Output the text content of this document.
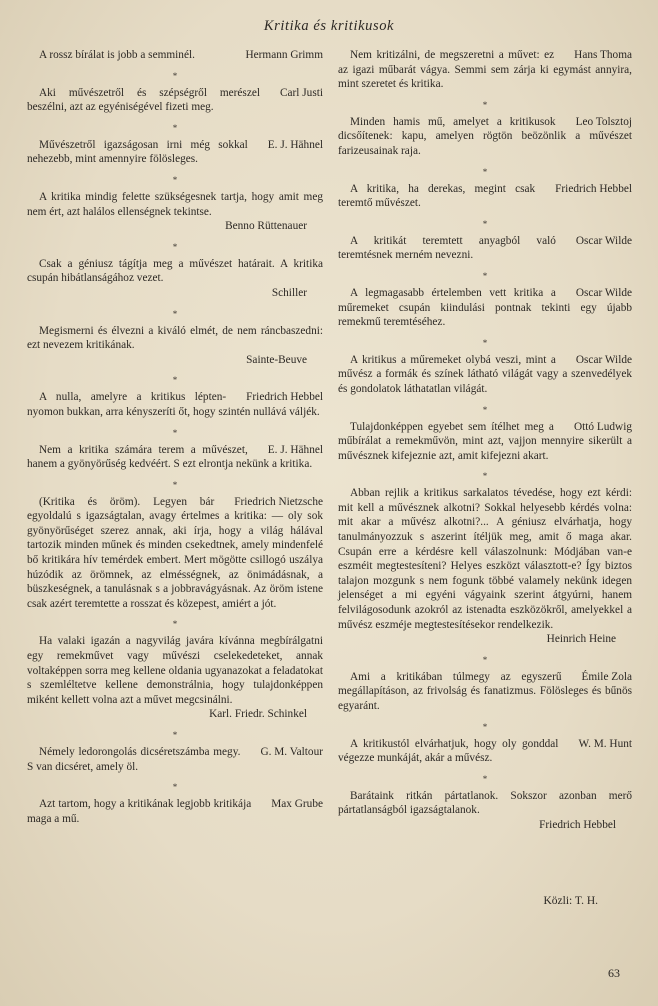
Kritika és kritikusok
Hermann Grimm
A rossz bírálat is jobb a semminél.
*
Carl Justi
Aki művészetről és szépségről merészel beszélni, azt az egyéniségével fizeti meg.
*
E. J. Hähnel
Művészetről igazságosan irni még sokkal nehezebb, mint amennyire fölösleges.
*
A kritika mindig felette szükségesnek tartja, hogy amit meg nem ért, azt halálos ellenségnek tekintse.
Benno Rüttenauer
*
Csak a géniusz tágítja meg a művészet határait. A kritika csupán hibátlanságához vezet.
Schiller
*
Megismerni és élvezni a kiváló elmét, de nem ráncbaszedni: ezt nevezem kritikának.
Sainte-Beuve
*
Friedrich Hebbel
A nulla, amelyre a kritikus lépten-nyomon bukkan, arra kényszeríti őt, hogy szintén nullává váljék.
*
E. J. Hähnel
Nem a kritika számára terem a művészet, hanem a gyönyörűség kedvéért. S ezt elrontja nekünk a kritika.
*
Friedrich Nietzsche
(Kritika és öröm). Legyen bár egyoldalú s igazságtalan, avagy értelmes a kritika: — oly sok gyönyörűséget szerez annak, aki írja, hogy a világ hálával tartozik minden műnek és minden csekedtnek, amely mindenfelé bő kritikára hív temérdek embert. Mert mögötte csillogó uszálya húzódik az örömnek, az elmésségnek, az önimádásnak, a büszkeségnek, a tanulásnak s a jobbravágyásnak. Az öröm istene csak azért teremtette a rosszat és közepest, amiért a jót.
*
Ha valaki igazán a nagyvilág javára kívánna megbírálgatni egy remekművet vagy művészi cselekedeteket, annak voltaképpen sorra meg kellene oldania ugyanazokat a feladatokat s szemléltetve kellene demonstrálnia, hogy tulajdonképpen miként kellett volna azt a művet megcsinálni.
Karl. Friedr. Schinkel
*
G. M. Valtour
Némely ledorongolás dicséretszámba megy. S van dicséret, amely öl.
*
Max Grube
Azt tartom, hogy a kritikának legjobb kritikája maga a mű.
Hans Thoma
Nem kritizálni, de megszeretni a művet: ez az igazi műbarát vágya. Semmi sem zárja ki egymást annyira, mint szeretet és kritika.
*
Leo Tolsztoj
Minden hamis mű, amelyet a kritikusok dicsőítenek: kapu, amelyen rögtön beözönlik a művészet farizeusainak raja.
*
Friedrich Hebbel
A kritika, ha derekas, megint csak teremtő művészet.
*
Oscar Wilde
A kritikát teremtett anyagból való teremtésnek merném nevezni.
*
Oscar Wilde
A legmagasabb értelemben vett kritika a műremeket csupán kiindulási pontnak tekinti egy újabb remekmű teremtéséhez.
*
Oscar Wilde
A kritikus a műremeket olybá veszi, mint a művész a formák és színek látható világát vagy a szenvedélyek és gondolatok láthatatlan világát.
*
Ottó Ludwig
Tulajdonképpen egyebet sem ítélhet meg a műbírálat a remekművön, mint azt, vajjon mennyire sikerült a művésznek kifejeznie azt, amit kifejezni akart.
*
Abban rejlik a kritikus sarkalatos tévedése, hogy ezt kérdi: mit kell a művésznek alkotni? Sokkal helyesebb kérdés volna: mit akar a művész alkotni?... A géniusz elvárhatja, hogy tanulmányozzuk s aszerint ítéljük meg, amit ő maga akar. Csupán erre a kérdésre kell válaszolnunk: Módjában van-e eszméit megtestesíteni? Helyes eszközt választott-e? Így biztos talajon mozgunk s nem fogunk többé valamely nekünk idegen jelenséget a mi egyéni vágyaink szerint átgyúrni, hanem felvilágosodunk azokról az istenadta eszközökről, amelyekkel a művész eszméje megtestesítésekor rendelkezik.
Heinrich Heine
*
Émile Zola
Ami a kritikában túlmegy az egyszerű megállapításon, az frivolság és fanatizmus. Fölösleges és bűnös egyaránt.
*
W. M. Hunt
A kritikustól elvárhatjuk, hogy oly gonddal végezze munkáját, akár a művész.
*
Barátaink ritkán pártatlanok. Sokszor azonban merő pártatlanságból igazságtalanok.
Friedrich Hebbel
Közli: T. H.
63
